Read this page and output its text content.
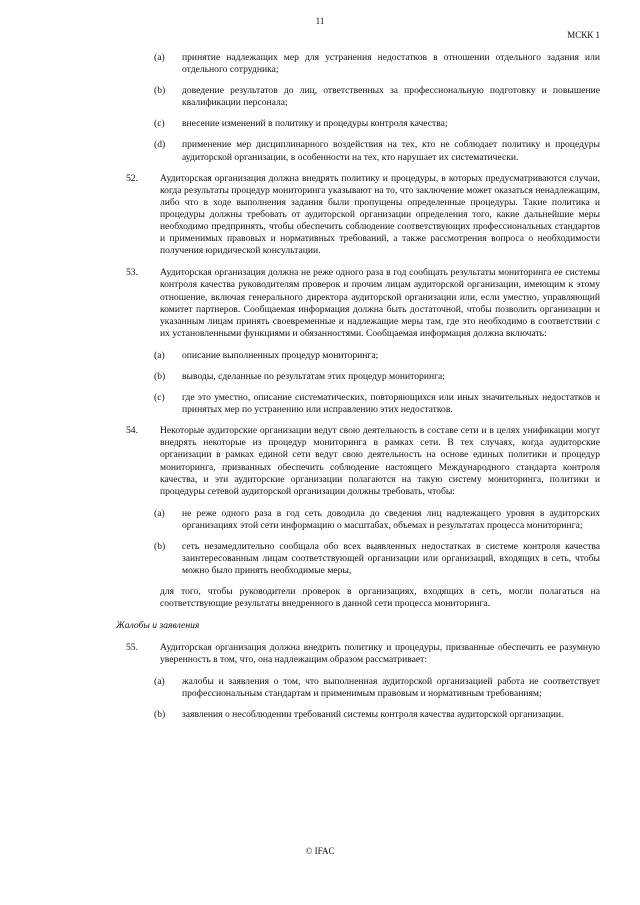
11
МСКК 1
(a) принятие надлежащих мер для устранения недостатков в отношении отдельного задания или отдельного сотрудника;

(b) доведение результатов до лиц, ответственных за профессиональную подготовку и повышение квалификации персонала;

(c) внесение изменений в политику и процедуры контроля качества;

(d) применение мер дисциплинарного воздействия на тех, кто не соблюдает политику и процедуры аудиторской организации, в особенности на тех, кто нарушает их систематически.

52. Аудиторская организация должна внедрять политику и процедуры, в которых предусматриваются случаи, когда результаты процедур мониторинга указывают на то, что заключение может оказаться ненадлежащим, либо что в ходе выполнения задания были пропущены определенные процедуры. Такие политика и процедуры должны требовать от аудиторской организации определения того, какие дальнейшие меры необходимо предпринять, чтобы обеспечить соблюдение соответствующих профессиональных стандартов и применимых правовых и нормативных требований, а также рассмотрения вопроса о необходимости получения юридической консультации.

53. Аудиторская организация должна не реже одного раза в год сообщать результаты мониторинга ее системы контроля качества руководителям проверок и прочим лицам аудиторской организации, имеющим к этому отношение, включая генерального директора аудиторской организации или, если уместно, управляющий комитет партнеров. Сообщаемая информация должна быть достаточной, чтобы позволить организации и указанным лицам принять своевременные и надлежащие меры там, где это необходимо в соответствии с их установленными функциями и обязанностями. Сообщаемая информация должна включать:

(a) описание выполненных процедур мониторинга;

(b) выводы, сделанные по результатам этих процедур мониторинга;

(c) где это уместно, описание систематических, повторяющихся или иных значительных недостатков и принятых мер по устранению или исправлению этих недостатков.

54. Некоторые аудиторские организации ведут свою деятельность в составе сети и в целях унификации могут внедрять некоторые из процедур мониторинга в рамках сети. В тех случаях, когда аудиторские организации в рамках единой сети ведут свою деятельность на основе единых политики и процедур мониторинга, призванных обеспечить соблюдение настоящего Международного стандарта контроля качества, и эти аудиторские организации полагаются на такую систему мониторинга, политики и процедуры сетевой аудиторской организации должны требовать, чтобы:

(a) не реже одного раза в год сеть доводила до сведения лиц надлежащего уровня в аудиторских организациях этой сети информацию о масштабах, объемах и результатах процесса мониторинга;

(b) сеть незамедлительно сообщала обо всех выявленных недостатках в системе контроля качества заинтересованным лицам соответствующей организации или организаций, входящих в сеть, чтобы можно было принять необходимые меры,

для того, чтобы руководители проверок в организациях, входящих в сеть, могли полагаться на соответствующие результаты внедренного в данной сети процесса мониторинга.

Жалобы и заявления
55. Аудиторская организация должна внедрить политику и процедуры, призванные обеспечить ее разумную уверенность в том, что, она надлежащим образом рассматривает:

(a) жалобы и заявления о том, что выполненная аудиторской организацией работа не соответствует профессиональным стандартам и применимым правовым и нормативным требованиям;

(b) заявления о несоблюдении требований системы контроля качества аудиторской организации.

© IFAC
